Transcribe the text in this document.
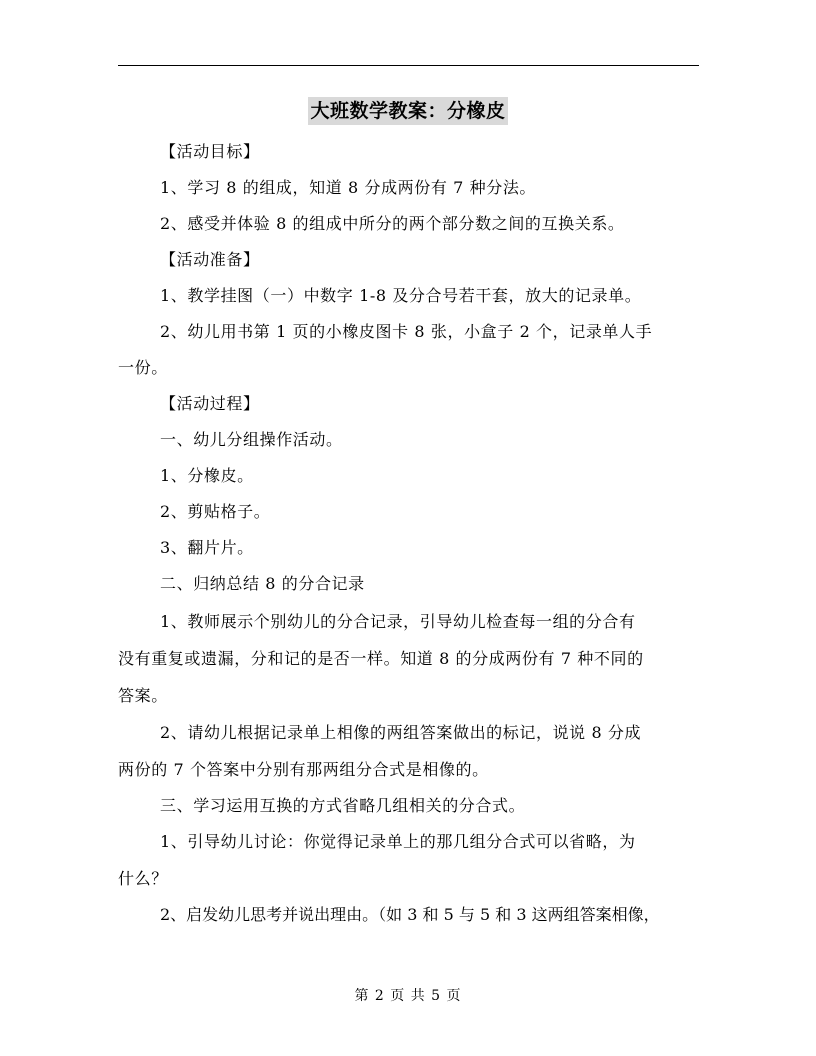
大班数学教案：分橡皮
【活动目标】
1、学习 8 的组成，知道 8 分成两份有 7 种分法。
2、感受并体验 8 的组成中所分的两个部分数之间的互换关系。
【活动准备】
1、教学挂图（一）中数字 1-8 及分合号若干套，放大的记录单。
2、幼儿用书第 1 页的小橡皮图卡 8 张，小盒子 2 个，记录单人手
一份。
【活动过程】
一、幼儿分组操作活动。
1、分橡皮。
2、剪贴格子。
3、翻片片。
二、归纳总结 8 的分合记录
1、教师展示个别幼儿的分合记录，引导幼儿检查每一组的分合有
没有重复或遗漏，分和记的是否一样。知道 8 的分成两份有 7 种不同的
答案。
2、请幼儿根据记录单上相像的两组答案做出的标记，说说 8 分成
两份的 7 个答案中分别有那两组分合式是相像的。
三、学习运用互换的方式省略几组相关的分合式。
1、引导幼儿讨论：你觉得记录单上的那几组分合式可以省略，为
什么？
2、启发幼儿思考并说出理由。（如 3 和 5 与 5 和 3 这两组答案相像，
第 2 页 共 5 页
